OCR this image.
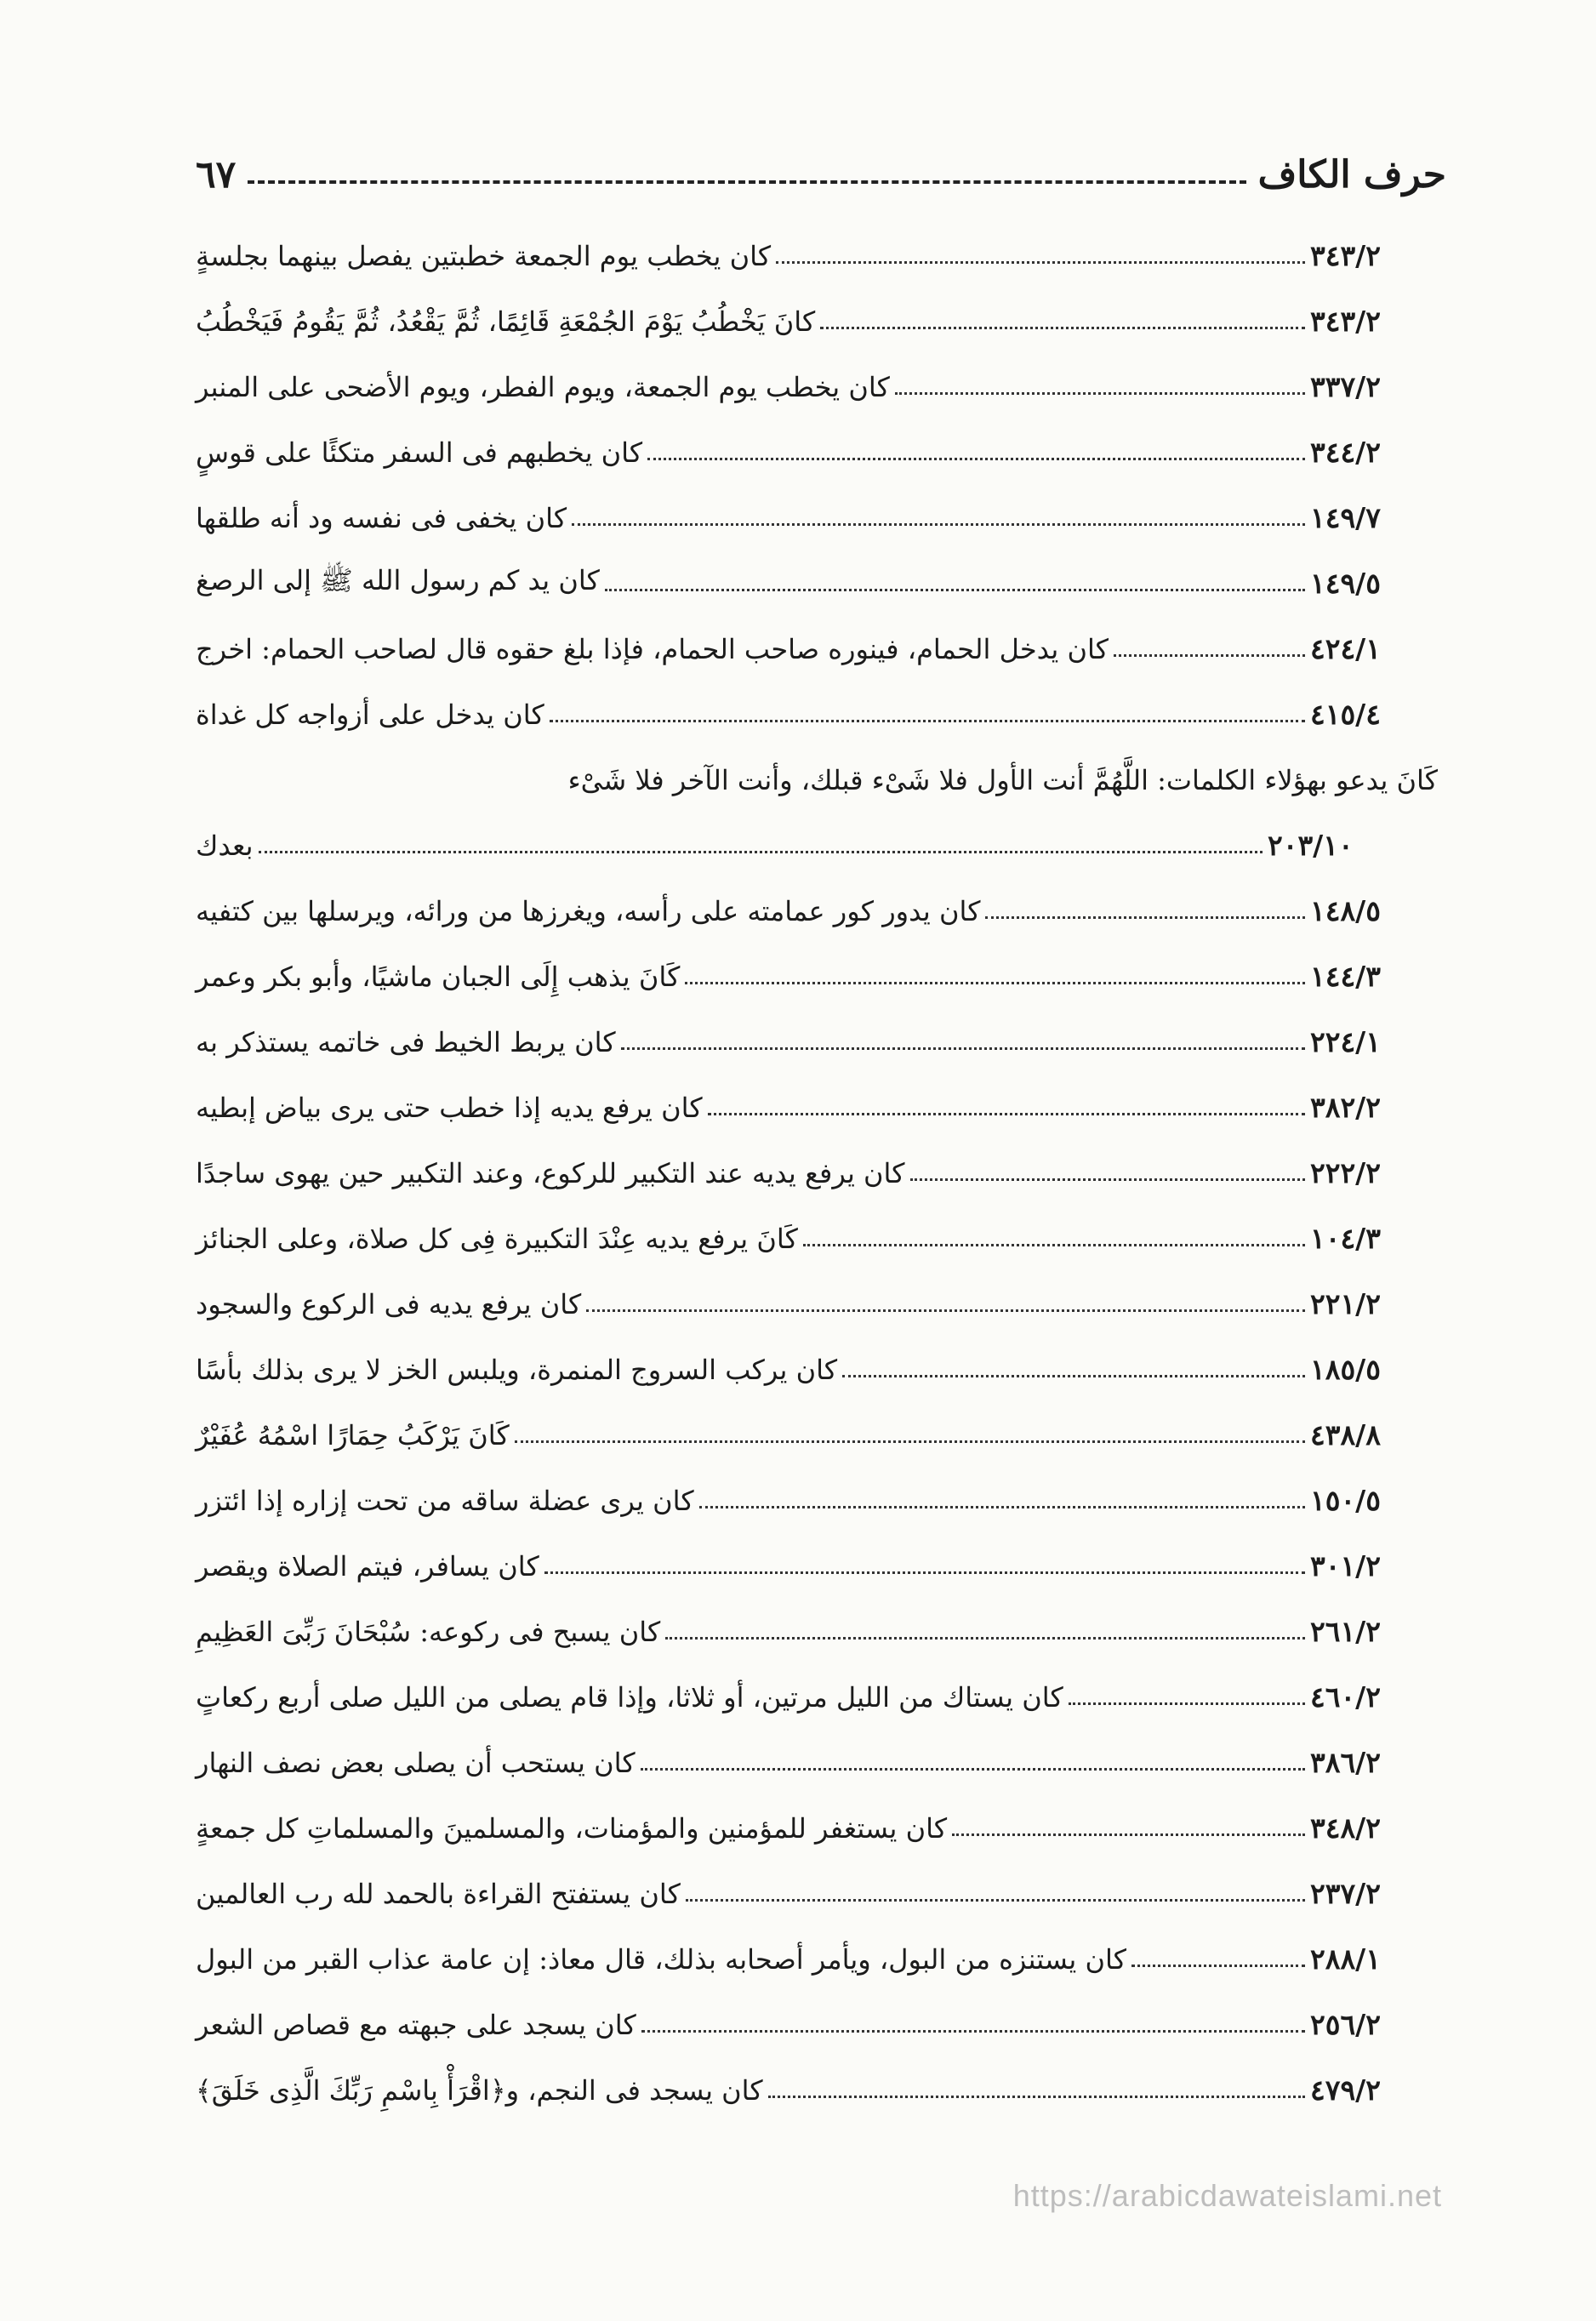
حرف الكاف
٦٧
كان يخطب يوم الجمعة خطبتين يفصل بينهما بجلسةٍ	٣٤٣/٢
كانَ يَخْطُبُ يَوْمَ الجُمْعَةِ قَائِمًا، ثُمَّ يَقْعُدُ، ثُمَّ يَقُومُ فَيَخْطُبُ	٣٤٣/٢
كان يخطب يوم الجمعة، ويوم الفطر، ويوم الأضحى على المنبر	٣٣٧/٢
كان يخطبهم فى السفر متكئًا على قوسٍ	٣٤٤/٢
كان يخفى فى نفسه ود أنه طلقها	١٤٩/٧
كان يد كم رسول الله ﷺ إلى الرصغ	١٤٩/٥
كان يدخل الحمام، فينوره صاحب الحمام، فإذا بلغ حقوه قال لصاحب الحمام: اخرج	٤٢٤/١
كان يدخل على أزواجه كل غداة	٤١٥/٤
كَانَ يدعو بهؤلاء الكلمات: اللَّهُمَّ أنت الأول فلا شَىْء قبلك، وأنت الآخر فلا شَىْء
بعدك	٢٠٣/١٠
كان يدور كور عمامته على رأسه، ويغرزها من ورائه، ويرسلها بين كتفيه	١٤٨/٥
كَانَ يذهب إِلَى الجبان ماشيًا، وأبو بكر وعمر	١٤٤/٣
كان يربط الخيط فى خاتمه يستذكر به	٢٢٤/١
كان يرفع يديه إذا خطب حتى يرى بياض إبطيه	٣٨٢/٢
كان يرفع يديه عند التكبير للركوع، وعند التكبير حين يهوى ساجدًا	٢٢٢/٢
كَانَ يرفع يديه عِنْدَ التكبيرة فِى كل صلاة، وعلى الجنائز	١٠٤/٣
كان يرفع يديه فى الركوع والسجود	٢٢١/٢
كان يركب السروج المنمرة، ويلبس الخز لا يرى بذلك بأسًا	١٨٥/٥
كَانَ يَرْكَبُ حِمَارًا اسْمُهُ عُفَيْرٌ	٤٣٨/٨
كان يرى عضلة ساقه من تحت إزاره إذا ائتزر	١٥٠/٥
كان يسافر، فيتم الصلاة ويقصر	٣٠١/٢
كان يسبح فى ركوعه: سُبْحَانَ رَبِّىَ العَظِيمِ	٢٦١/٢
كان يستاك من الليل مرتين، أو ثلاثا، وإذا قام يصلى من الليل صلى أربع ركعاتٍ	٤٦٠/٢
كان يستحب أن يصلى بعض نصف النهار	٣٨٦/٢
كان يستغفر للمؤمنين والمؤمنات، والمسلمينَ والمسلماتِ كل جمعةٍ	٣٤٨/٢
كان يستفتح القراءة بالحمد لله رب العالمين	٢٣٧/٢
كان يستنزه من البول، ويأمر أصحابه بذلك، قال معاذ: إن عامة عذاب القبر من البول	٢٨٨/١
كان يسجد على جبهته مع قصاص الشعر	٢٥٦/٢
كان يسجد فى النجم، و﴿اقْرَأْ بِاسْمِ رَبِّكَ الَّذِى خَلَقَ﴾	٤٧٩/٢
https://arabicdawateislami.net
